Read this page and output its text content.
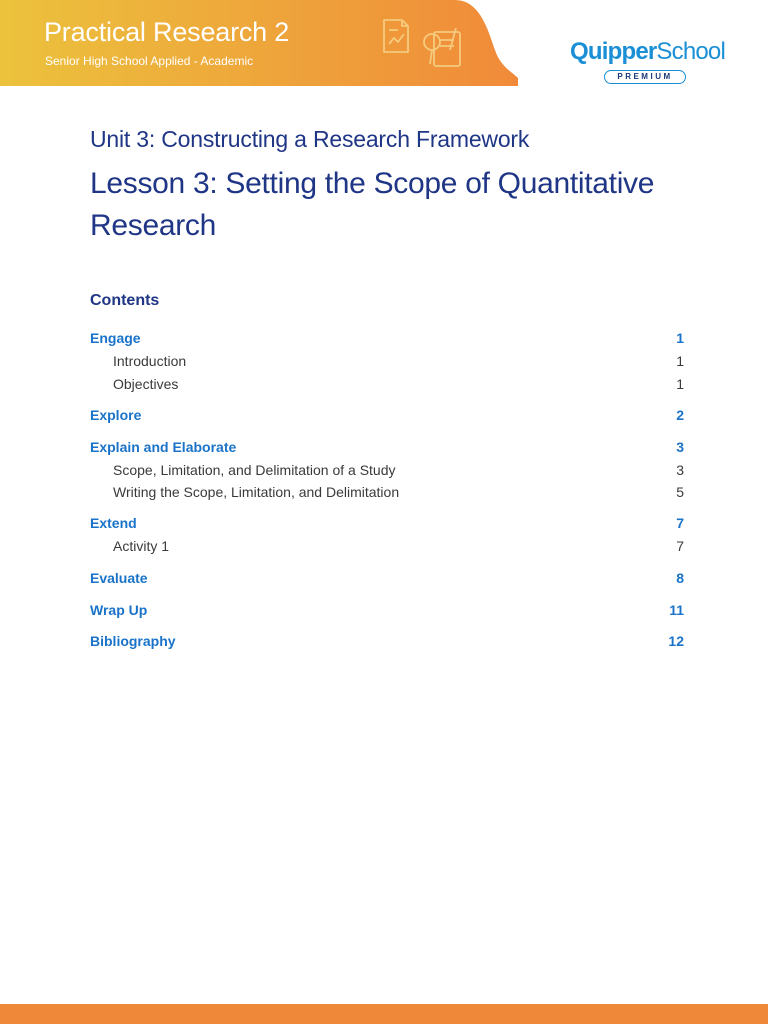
Practical Research 2
Senior High School Applied - Academic	QuipperSchool
PREMIUM
Unit 3: Constructing a Research Framework
Lesson 3: Setting the Scope of Quantitative Research
Contents
Engage	1
Introduction	1
Objectives	1
Explore	2
Explain and Elaborate	3
Scope, Limitation, and Delimitation of a Study	3
Writing the Scope, Limitation, and Delimitation	5
Extend	7
Activity 1	7
Evaluate	8
Wrap Up	11
Bibliography	12
